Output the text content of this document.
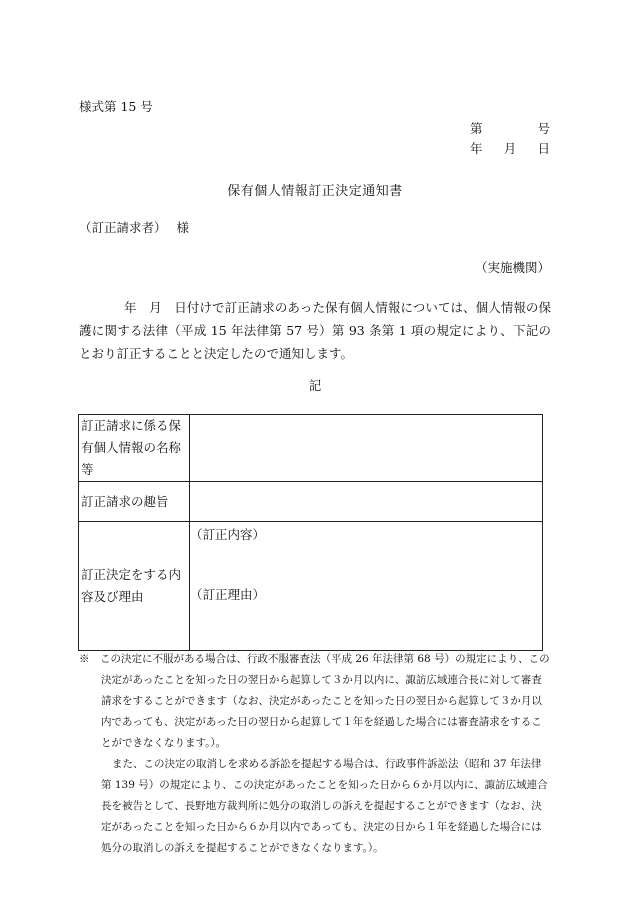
様式第 15 号
第	号
年 月 日
保有個人情報訂正決定通知書
（訂正請求者） 様
（実施機関）
年　月　日付けで訂正請求のあった保有個人情報については、個人情報の保護に関する法律（平成 15 年法律第 57 号）第 93 条第 1 項の規定により、下記のとおり訂正することと決定したので通知します。
記
訂正請求に係る保有個人情報の名称等	
訂正請求の趣旨	
訂正決定をする内容及び理由	（訂正内容）
（訂正理由）

※　 この決定に不服がある場合は、行政不服審査法（平成 26 年法律第 68 号）の規定により、この決定があったことを知った日の翌日から起算して３か月以内に、諏訪広域連合長に対して審査請求をすることができます（なお、決定があったことを知った日の翌日から起算して３か月以内であっても、決定があった日の翌日から起算して１年を経過した場合には審査請求をすることができなくなります。）。

また、この決定の取消しを求める訴訟を提起する場合は、行政事件訴訟法（昭和 37 年法律第 139 号）の規定により、この決定があったことを知った日から６か月以内に、諏訪広域連合長を被告として、長野地方裁判所に処分の取消しの訴えを提起することができます（なお、決定があったことを知った日から６か月以内であっても、決定の日から１年を経過した場合には処分の取消しの訴えを提起することができなくなります。）。
